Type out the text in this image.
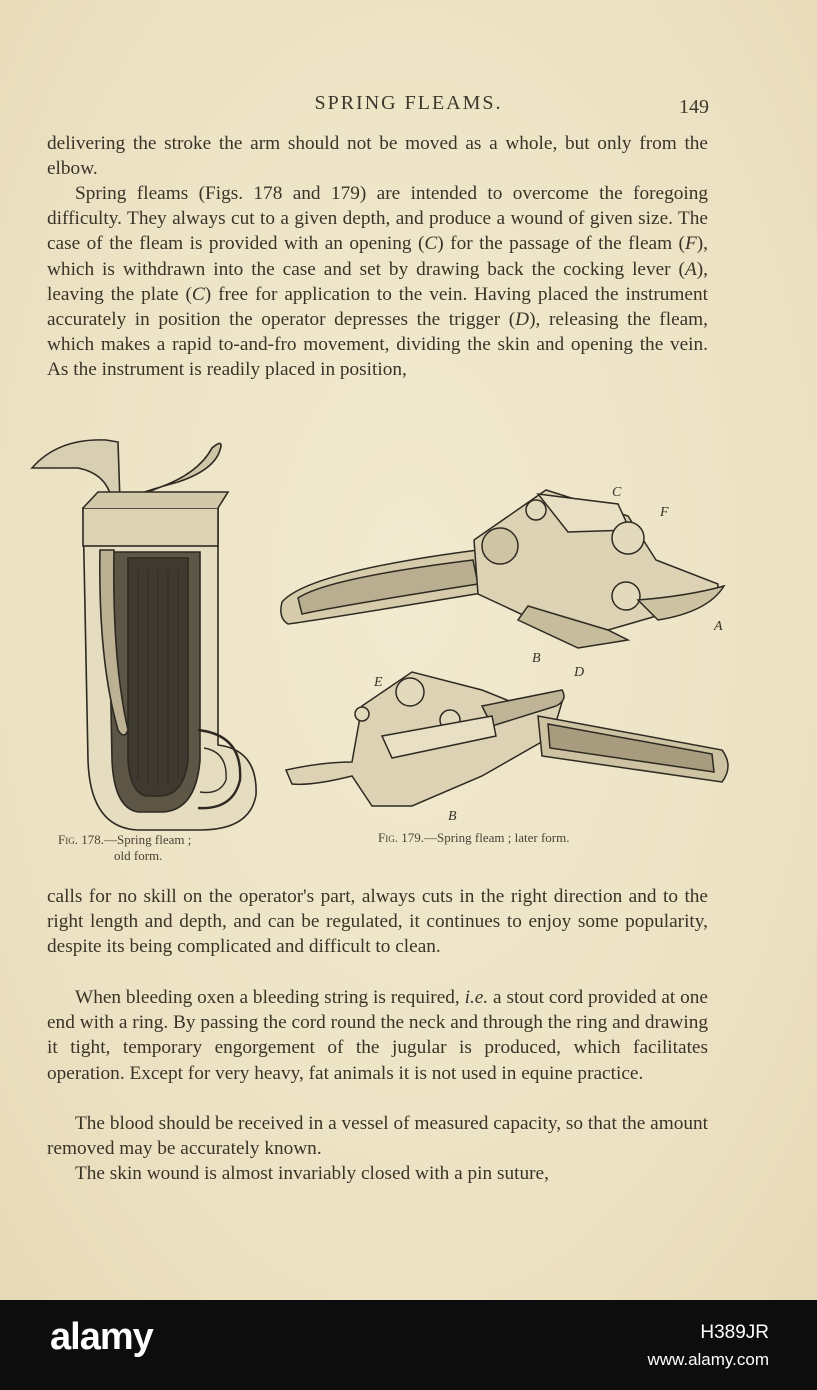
SPRING FLEAMS.	149

delivering the stroke the arm should not be moved as a whole, but only from the elbow.

Spring fleams (Figs. 178 and 179) are intended to overcome the foregoing difficulty. They always cut to a given depth, and produce a wound of given size. The case of the fleam is provided with an opening (C) for the passage of the fleam (F), which is withdrawn into the case and set by drawing back the cocking lever (A), leaving the plate (C) free for application to the vein. Having placed the instrument accurately in position the operator depresses the trigger (D), releasing the fleam, which makes a rapid to-and-fro movement, dividing the skin and opening the vein. As the instrument is readily placed in position,

C
F
A
B
E
D
B
Fig. 178.—Spring fleam ;
old form.
Fig. 179.—Spring fleam ; later form.

calls for no skill on the operator's part, always cuts in the right direction and to the right length and depth, and can be regulated, it continues to enjoy some popularity, despite its being complicated and difficult to clean.

When bleeding oxen a bleeding string is required, i.e. a stout cord provided at one end with a ring. By passing the cord round the neck and through the ring and drawing it tight, temporary engorgement of the jugular is produced, which facilitates operation. Except for very heavy, fat animals it is not used in equine practice.

The blood should be received in a vessel of measured capacity, so that the amount removed may be accurately known.

The skin wound is almost invariably closed with a pin suture,

alamy	H389JR
www.alamy.com
